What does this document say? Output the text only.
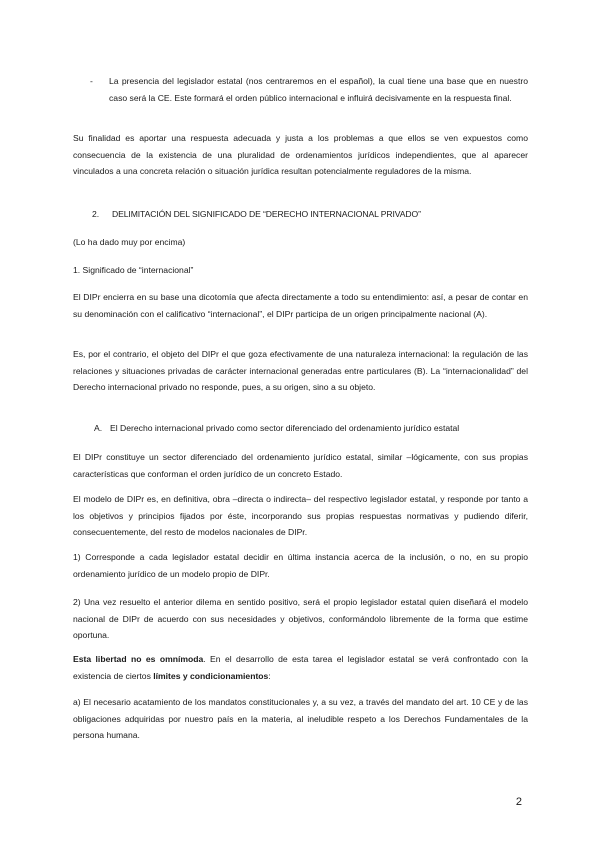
- La presencia del legislador estatal (nos centraremos en el español), la cual tiene una base que en nuestro caso será la CE. Este formará el orden público internacional e influirá decisivamente en la respuesta final.

Su finalidad es aportar una respuesta adecuada y justa a los problemas a que ellos se ven expuestos como consecuencia de la existencia de una pluralidad de ordenamientos jurídicos independientes, que al aparecer vinculados a una concreta relación o situación jurídica resultan potencialmente reguladores de la misma.

2. DELIMITACIÓN DEL SIGNIFICADO DE “DERECHO INTERNACIONAL PRIVADO”

(Lo ha dado muy por encima)

1. Significado de “internacional”

El DIPr encierra en su base una dicotomía que afecta directamente a todo su entendimiento: así, a pesar de contar en su denominación con el calificativo “internacional”, el DIPr participa de un origen principalmente nacional (A).

Es, por el contrario, el objeto del DIPr el que goza efectivamente de una naturaleza internacional: la regulación de las relaciones y situaciones privadas de carácter internacional generadas entre particulares (B). La “internacionalidad” del Derecho internacional privado no responde, pues, a su origen, sino a su objeto.

A. El Derecho internacional privado como sector diferenciado del ordenamiento jurídico estatal

El DIPr constituye un sector diferenciado del ordenamiento jurídico estatal, similar –lógicamente, con sus propias características que conforman el orden jurídico de un concreto Estado.

El modelo de DIPr es, en definitiva, obra –directa o indirecta– del respectivo legislador estatal, y responde por tanto a los objetivos y principios fijados por éste, incorporando sus propias respuestas normativas y pudiendo diferir, consecuentemente, del resto de modelos nacionales de DIPr.

1) Corresponde a cada legislador estatal decidir en última instancia acerca de la inclusión, o no, en su propio ordenamiento jurídico de un modelo propio de DIPr.

2) Una vez resuelto el anterior dilema en sentido positivo, será el propio legislador estatal quien diseñará el modelo nacional de DIPr de acuerdo con sus necesidades y objetivos, conformándolo libremente de la forma que estime oportuna.

Esta libertad no es omnímoda. En el desarrollo de esta tarea el legislador estatal se verá confrontado con la existencia de ciertos límites y condicionamientos:

a) El necesario acatamiento de los mandatos constitucionales y, a su vez, a través del mandato del art. 10 CE y de las obligaciones adquiridas por nuestro país en la materia, al ineludible respeto a los Derechos Fundamentales de la persona humana.

2
